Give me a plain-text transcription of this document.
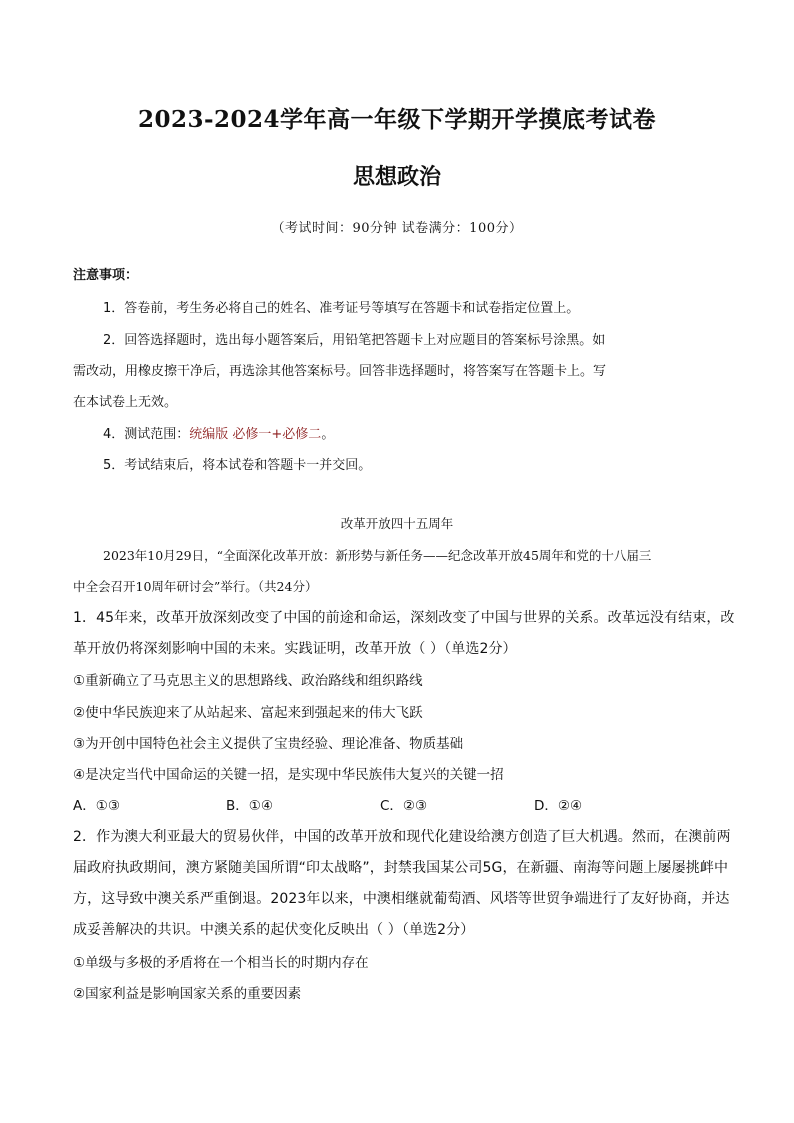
2023-2024学年高一年级下学期开学摸底考试卷
思想政治
（考试时间：90分钟 试卷满分：100分）
注意事项：
1．答卷前，考生务必将自己的姓名、准考证号等填写在答题卡和试卷指定位置上。
2．回答选择题时，选出每小题答案后，用铅笔把答题卡上对应题目的答案标号涂黑。如
需改动，用橡皮擦干净后，再选涂其他答案标号。回答非选择题时，将答案写在答题卡上。写
在本试卷上无效。
4．测试范围：统编版 必修一+必修二。
5．考试结束后，将本试卷和答题卡一并交回。
改革开放四十五周年
2023年10月29日，“全面深化改革开放：新形势与新任务——纪念改革开放45周年和党的十八届三
中全会召开10周年研讨会”举行。（共24分）
1．45年来，改革开放深刻改变了中国的前途和命运，深刻改变了中国与世界的关系。改革远没有结束，改
革开放仍将深刻影响中国的未来。实践证明，改革开放（ ）（单选2分）
①重新确立了马克思主义的思想路线、政治路线和组织路线
②使中华民族迎来了从站起来、富起来到强起来的伟大飞跃
③为开创中国特色社会主义提供了宝贵经验、理论准备、物质基础
④是决定当代中国命运的关键一招，是实现中华民族伟大复兴的关键一招
A．①③	B．①④	C．②③	D．②④
2．作为澳大利亚最大的贸易伙伴，中国的改革开放和现代化建设给澳方创造了巨大机遇。然而，在澳前两
届政府执政期间，澳方紧随美国所谓“印太战略”，封禁我国某公司5G，在新疆、南海等问题上屡屡挑衅中
方，这导致中澳关系严重倒退。2023年以来，中澳相继就葡萄酒、风塔等世贸争端进行了友好协商，并达
成妥善解决的共识。中澳关系的起伏变化反映出（ ）（单选2分）
①单级与多极的矛盾将在一个相当长的时期内存在
②国家利益是影响国家关系的重要因素
